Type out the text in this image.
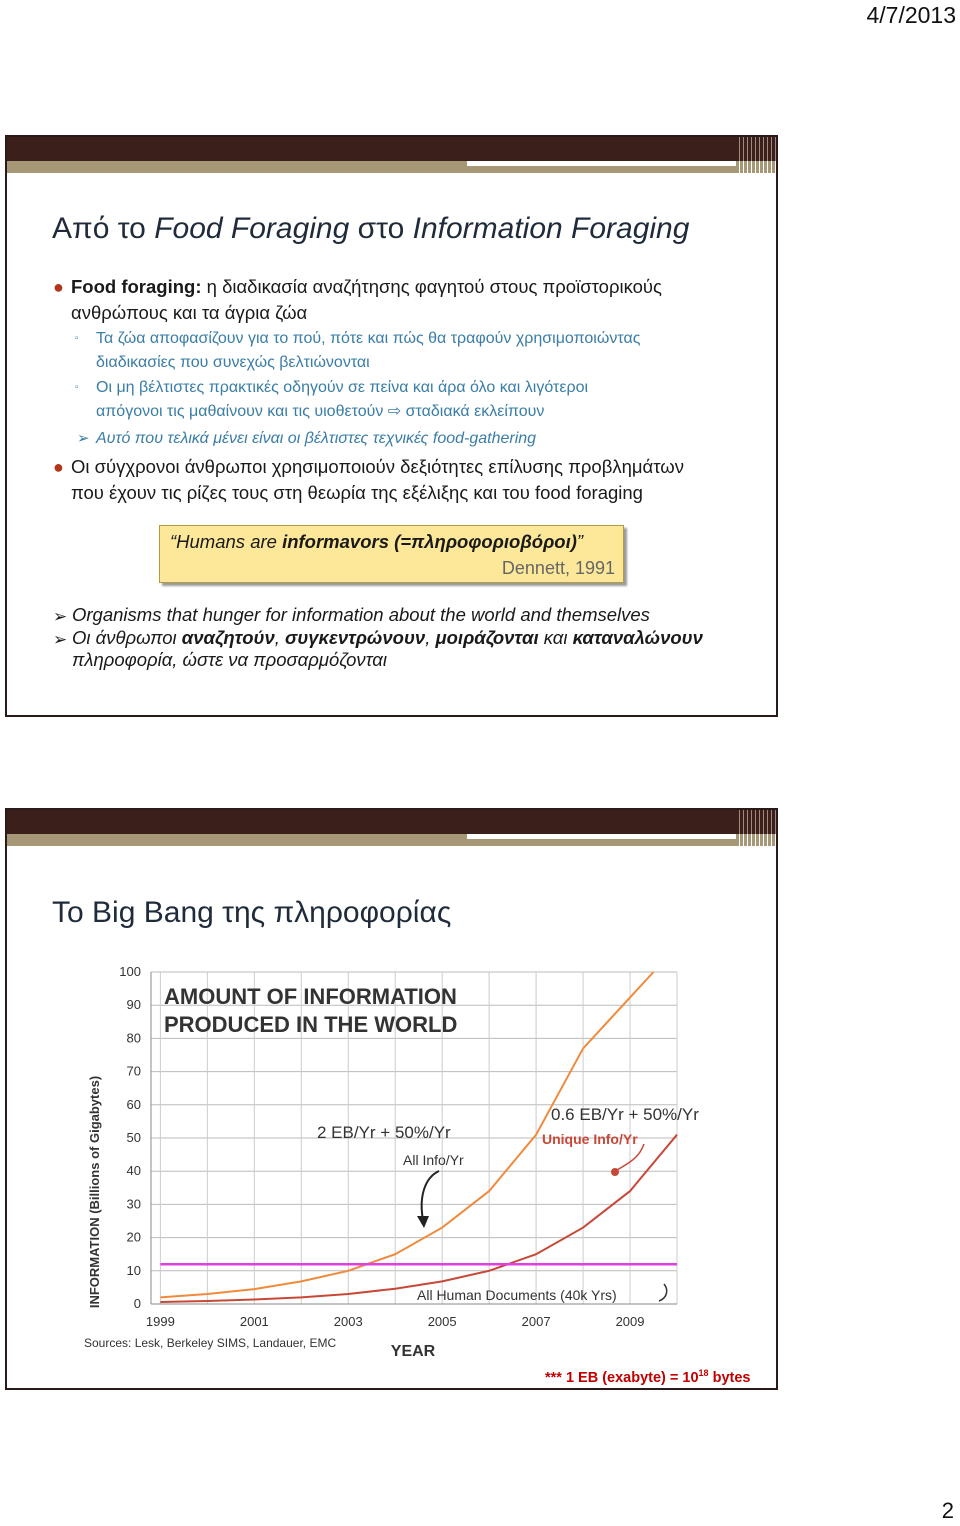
4/7/2013
Από το Food Foraging στο Information Foraging
● Food foraging: η διαδικασία αναζήτησης φαγητού στους προϊστορικούς
ανθρώπους και τα άγρια ζώα
▫ Τα ζώα αποφασίζουν για το πού, πότε και πώς θα τραφούν χρησιμοποιώντας
διαδικασίες που συνεχώς βελτιώνονται
▫ Οι μη βέλτιστες πρακτικές οδηγούν σε πείνα και άρα όλο και λιγότεροι
απόγονοι τις μαθαίνουν και τις υιοθετούν ⇨ σταδιακά εκλείπουν
➢ Αυτό που τελικά μένει είναι οι βέλτιστες τεχνικές food-gathering
● Οι σύγχρονοι άνθρωποι χρησιμοποιούν δεξιότητες επίλυσης προβλημάτων
που έχουν τις ρίζες τους στη θεωρία της εξέλιξης και του food foraging
“Humans are informavors (=πληροφοριοβόροι)”
Dennett, 1991
➢ Organisms that hunger for information about the world and themselves
➢ Οι άνθρωποι αναζητούν, συγκεντρώνουν, μοιράζονται και καταναλώνουν
πληροφορία, ώστε να προσαρμόζονται
Το Big Bang της πληροφορίας
0
10
20
30
40
50
60
70
80
90
100
1999	2001	2003	2005	2007	2009
AMOUNT OF INFORMATION
PRODUCED IN THE WORLD
2 EB/Yr + 50%/Yr
All Info/Yr
0.6 EB/Yr + 50%/Yr
Unique Info/Yr
All Human Documents (40k Yrs)
INFORMATION (Billions of Gigabytes)
YEAR
Sources: Lesk, Berkeley SIMS, Landauer, EMC
*** 1 EB (exabyte) = $10^{18}$ bytes
2
